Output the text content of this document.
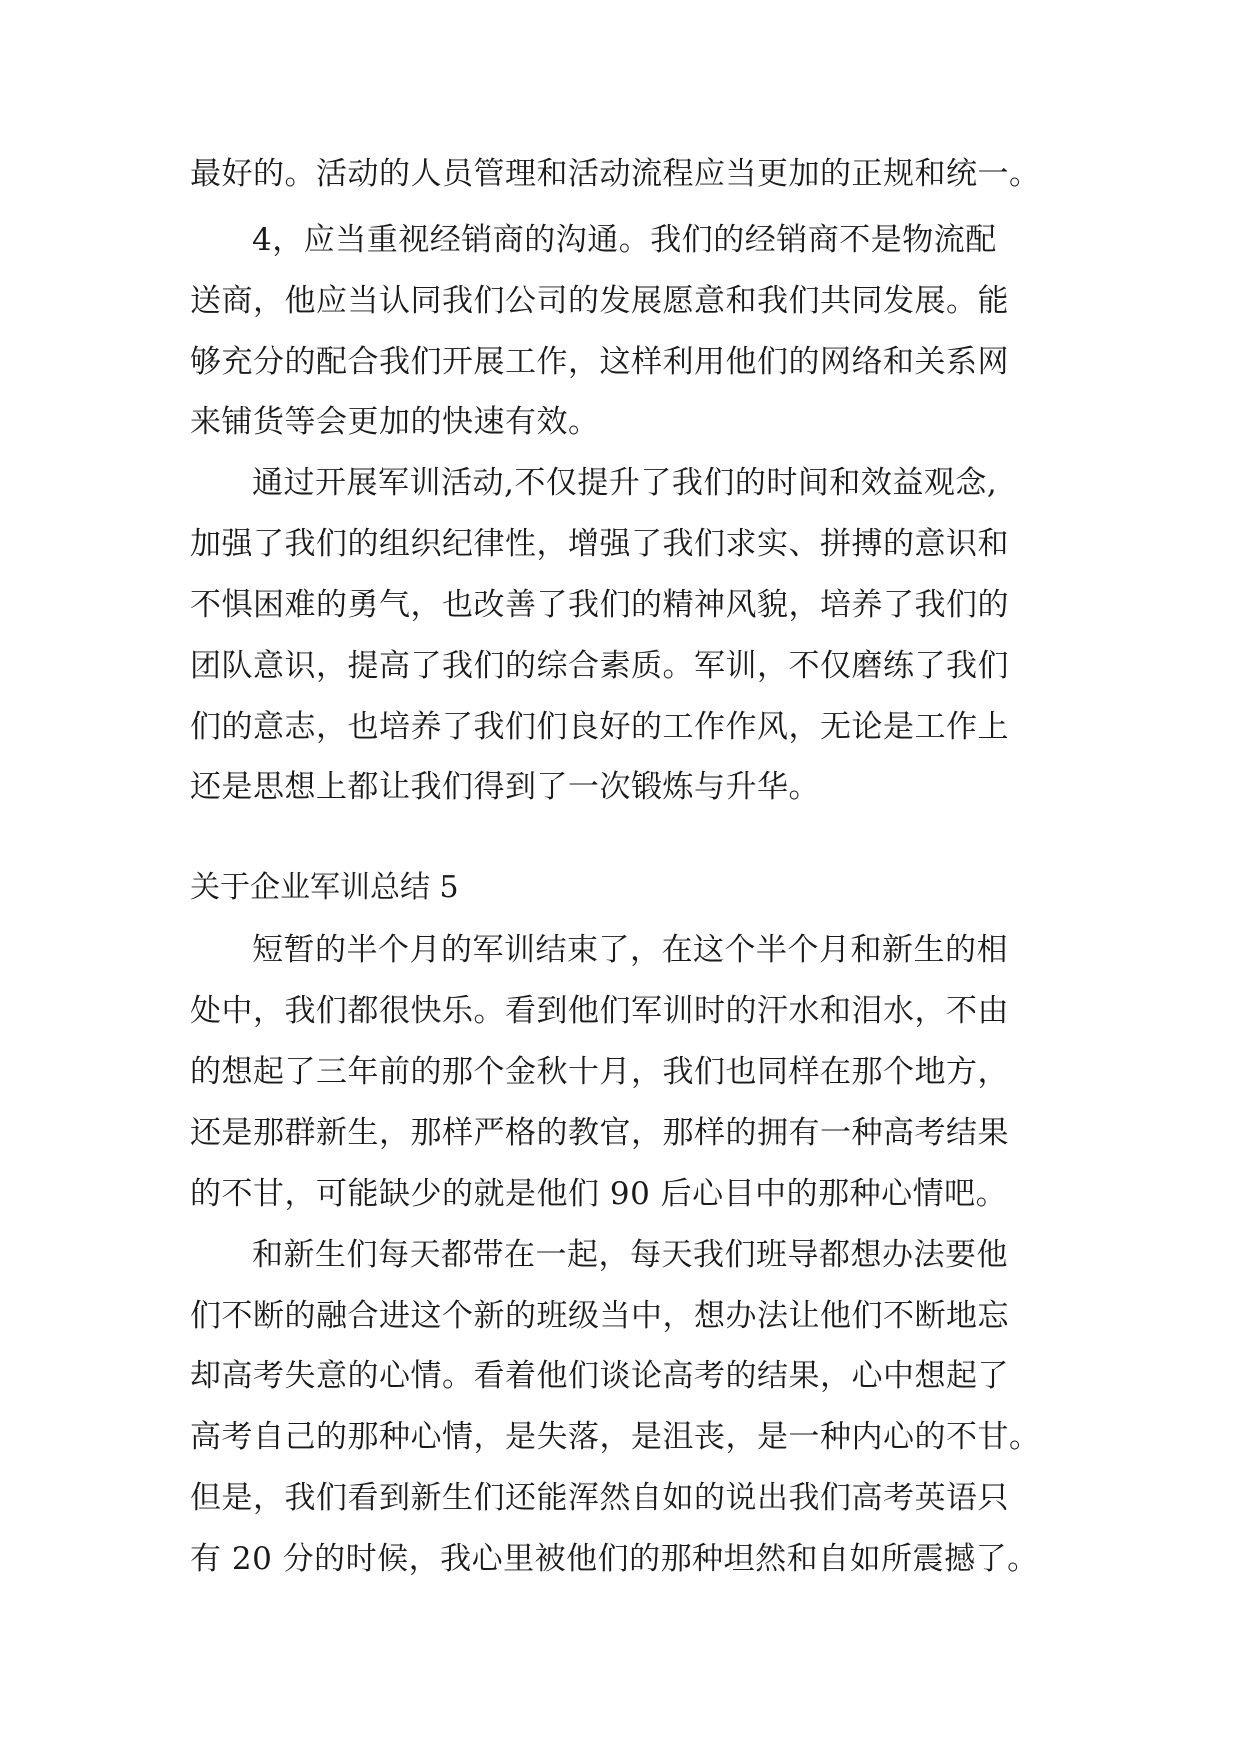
最好的。活动的人员管理和活动流程应当更加的正规和统一。
4，应当重视经销商的沟通。我们的经销商不是物流配
送商，他应当认同我们公司的发展愿意和我们共同发展。能
够充分的配合我们开展工作，这样利用他们的网络和关系网
来铺货等会更加的快速有效。
通过开展军训活动,不仅提升了我们的时间和效益观念,
加强了我们的组织纪律性，增强了我们求实、拼搏的意识和
不惧困难的勇气，也改善了我们的精神风貌，培养了我们的
团队意识，提高了我们的综合素质。军训，不仅磨练了我们
们的意志，也培养了我们们良好的工作作风，无论是工作上
还是思想上都让我们得到了一次锻炼与升华。
关于企业军训总结 5
短暂的半个月的军训结束了，在这个半个月和新生的相
处中，我们都很快乐。看到他们军训时的汗水和泪水，不由
的想起了三年前的那个金秋十月，我们也同样在那个地方，
还是那群新生，那样严格的教官，那样的拥有一种高考结果
的不甘，可能缺少的就是他们 90 后心目中的那种心情吧。
和新生们每天都带在一起，每天我们班导都想办法要他
们不断的融合进这个新的班级当中，想办法让他们不断地忘
却高考失意的心情。看着他们谈论高考的结果，心中想起了
高考自己的那种心情，是失落，是沮丧，是一种内心的不甘。
但是，我们看到新生们还能浑然自如的说出我们高考英语只
有 20 分的时候，我心里被他们的那种坦然和自如所震撼了。
